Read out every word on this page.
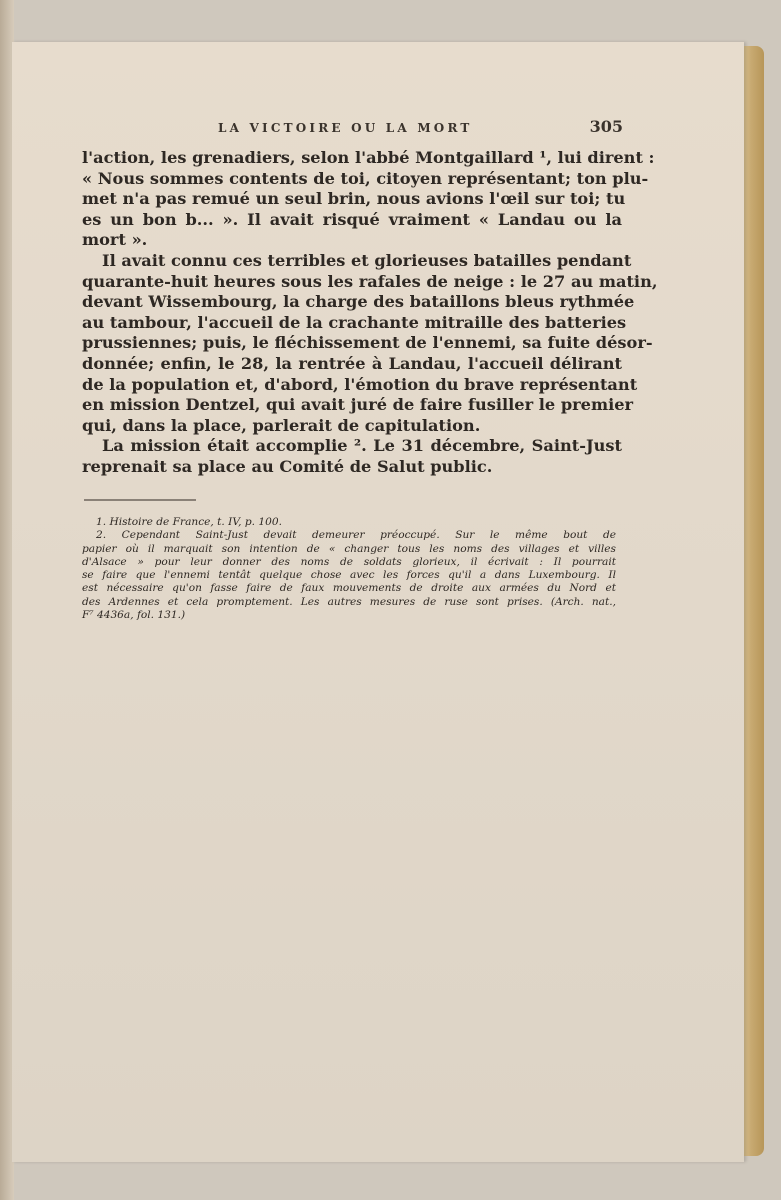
LA VICTOIRE OU LA MORT	305
l'action, les grenadiers, selon l'abbé Montgaillard ¹, lui dirent :
« Nous sommes contents de toi, citoyen représentant; ton plu-
met n'a pas remué un seul brin, nous avions l'œil sur toi; tu
es un bon b... ». Il avait risqué vraiment « Landau ou la
mort ».
Il avait connu ces terribles et glorieuses batailles pendant
quarante-huit heures sous les rafales de neige : le 27 au matin,
devant Wissembourg, la charge des bataillons bleus rythmée
au tambour, l'accueil de la crachante mitraille des batteries
prussiennes; puis, le fléchissement de l'ennemi, sa fuite désor-
donnée; enfin, le 28, la rentrée à Landau, l'accueil délirant
de la population et, d'abord, l'émotion du brave représentant
en mission Dentzel, qui avait juré de faire fusiller le premier
qui, dans la place, parlerait de capitulation.
La mission était accomplie ². Le 31 décembre, Saint-Just
reprenait sa place au Comité de Salut public.
1. Histoire de France, t. IV, p. 100.
2. Cependant Saint-Just devait demeurer préoccupé. Sur le même bout de
papier où il marquait son intention de « changer tous les noms des villages et villes
d'Alsace » pour leur donner des noms de soldats glorieux, il écrivait : Il pourrait
se faire que l'ennemi tentât quelque chose avec les forces qu'il a dans Luxembourg. Il
est nécessaire qu'on fasse faire de faux mouvements de droite aux armées du Nord et
des Ardennes et cela promptement. Les autres mesures de ruse sont prises. (Arch. nat.,
F⁷ 4436a, fol. 131.)
